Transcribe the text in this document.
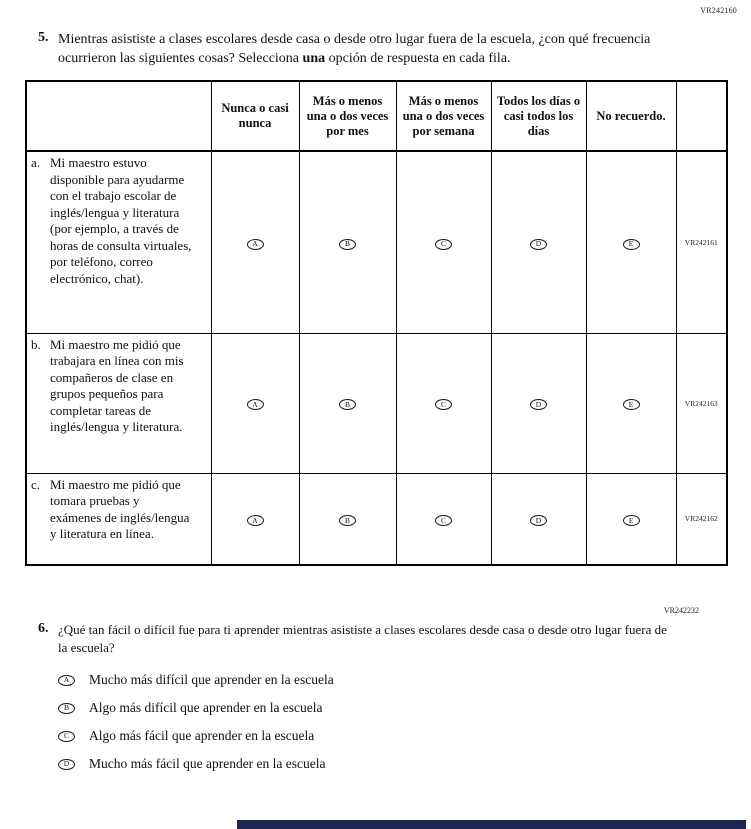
VR242160
5. Mientras asististe a clases escolares desde casa o desde otro lugar fuera de la escuela, ¿con qué frecuencia ocurrieron las siguientes cosas? Selecciona una opción de respuesta en cada fila.
	Nunca o casi nunca	Más o menos una o dos veces por mes	Más o menos una o dos veces por semana	Todos los días o casi todos los días	No recuerdo.	

a. Mi maestro estuvo disponible para ayudarme con el trabajo escolar de inglés/lengua y literatura (por ejemplo, a través de horas de consulta virtuales, por teléfono, correo electrónico, chat).	A	B	C	D	E	VR242161

b. Mi maestro me pidió que trabajara en línea con mis compañeros de clase en grupos pequeños para completar tareas de inglés/lengua y literatura.	A	B	C	D	E	VR242163

c. Mi maestro me pidió que tomara pruebas y exámenes de inglés/lengua y literatura en línea.	A	B	C	D	E	VR242162
VR242232
6. ¿Qué tan fácil o difícil fue para ti aprender mientras asististe a clases escolares desde casa o desde otro lugar fuera de la escuela?
A	Mucho más difícil que aprender en la escuela
B	Algo más difícil que aprender en la escuela
C	Algo más fácil que aprender en la escuela
D	Mucho más fácil que aprender en la escuela
